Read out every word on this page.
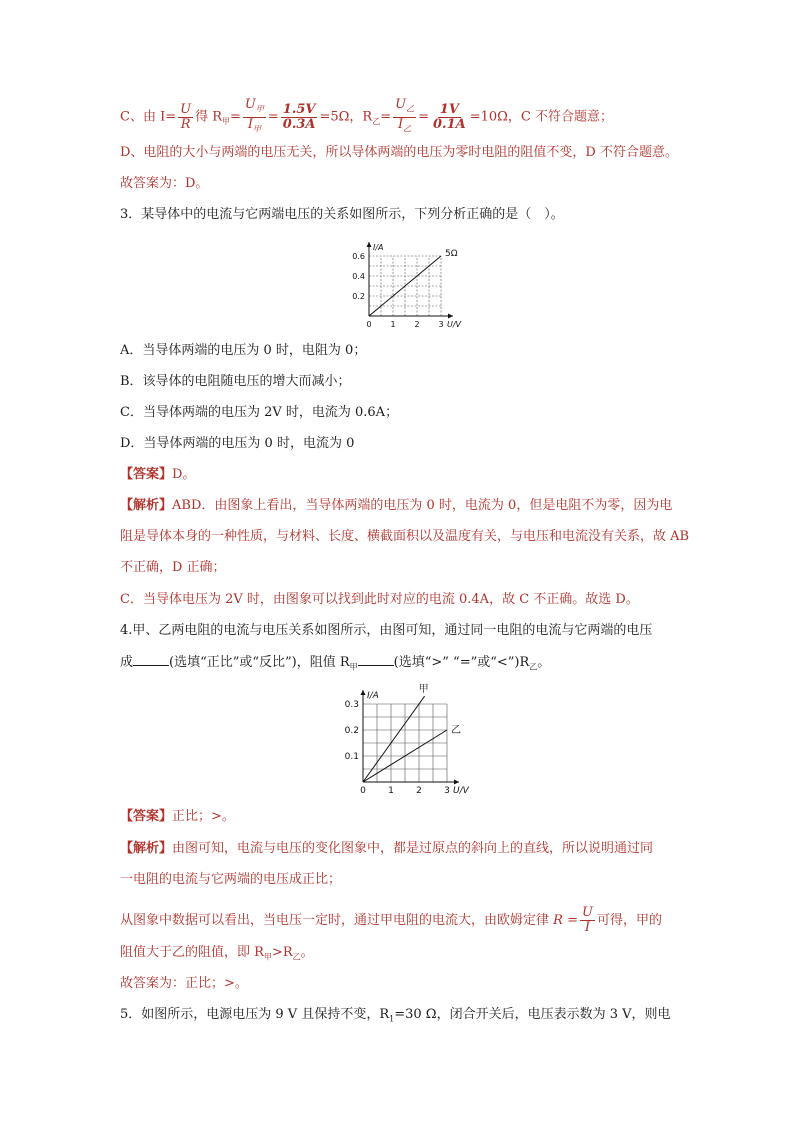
C、由 $I= \frac{U}{R}$ 得 $R_甲= \frac{U_甲}{I_甲} = \frac{1.5V}{0.3A} =5\Omega$，$R_乙= \frac{U_乙}{I_乙} = \frac{1V}{0.1A} =10\Omega$，C 不符合题意；
D、电阻的大小与两端的电压无关，所以导体两端的电压为零时电阻的阻值不变，D 不符合题意。
故答案为：D。
3．某导体中的电流与它两端电压的关系如图所示，下列分析正确的是（　）。
0 1 2 3
0.2
0.4
0.6
I/A
U/V
5Ω
A．当导体两端的电压为 0 时，电阻为 0；
B．该导体的电阻随电压的增大而减小；
C．当导体两端的电压为 2V 时，电流为 0.6A；
D．当导体两端的电压为 0 时，电流为 0
【答案】D。
【解析】ABD．由图象上看出，当导体两端的电压为 0 时，电流为 0，但是电阻不为零，因为电
阻是导体本身的一种性质，与材料、长度、横截面积以及温度有关，与电压和电流没有关系，故 AB
不正确，D 正确；
C．当导体电压为 2V 时，由图象可以找到此时对应的电流 0.4A，故 C 不正确。故选 D。
4.甲、乙两电阻的电流与电压关系如图所示，由图可知，通过同一电阻的电流与它两端的电压
成	(选填“正比”或“反比”)，阻值 $R_甲$	(选填“>” “=”或“$<”)R_乙$。
0 1 2 3
0.1
0.2
0.3
I/A
U/V
甲
乙
【答案】正比；>。
【解析】由图可知，电流与电压的变化图象中，都是过原点的斜向上的直线，所以说明通过同
一电阻的电流与它两端的电压成正比；
从图象中数据可以看出，当电压一定时，通过甲电阻的电流大，由欧姆定律 $R = \frac{U}{I}$ 可得，甲的
阻值大于乙的阻值，即 $R_甲>R_乙$。
故答案为：正比；>。
5．如图所示，电源电压为 9 V 且保持不变，$R_1=30$ Ω，闭合开关后，电压表示数为 3 V，则电
